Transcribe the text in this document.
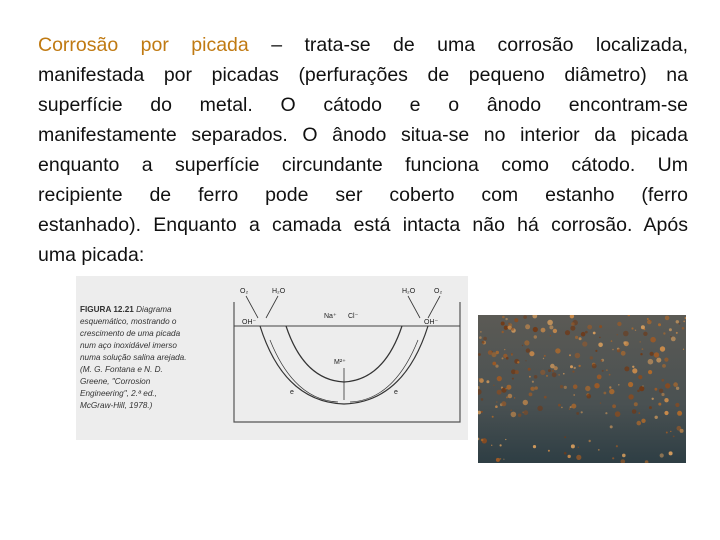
Corrosão por picada – trata-se de uma corrosão localizada,
manifestada por picadas (perfurações de pequeno diâmetro) na
superfície do metal. O cátodo e o ânodo encontram-se
manifestamente separados. O ânodo situa-se no interior da picada
enquanto a superfície circundante funciona como cátodo. Um
recipiente de ferro pode ser coberto com estanho (ferro
estanhado). Enquanto a camada está intacta não há corrosão. Após
uma picada:
FIGURA 12.21 Diagrama esquemático, mostrando o crescimento de uma picada num aço inoxidável imerso numa solução salina arejada. (M. G. Fontana e N. D. Greene, "Corrosion Engineering", 2.ª ed., McGraw-Hill, 1978.)
O₂	H₂O	H₂O	O₂
OH⁻	OH⁻
Na⁺ Cl⁻
M²⁺
e	e
